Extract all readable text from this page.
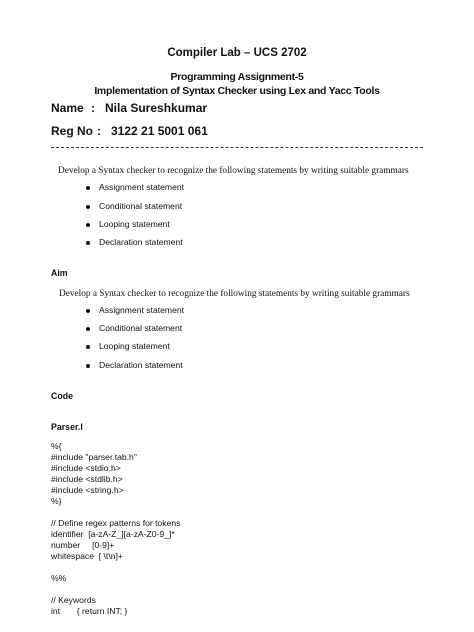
Compiler Lab – UCS 2702
Programming Assignment-5
Implementation of Syntax Checker using Lex and Yacc Tools
Name : Nila Sureshkumar
Reg No : 3122 21 5001 061
Develop a Syntax checker to recognize the following statements by writing suitable grammars
Assignment statement
Conditional statement
Looping statement
Declaration statement
Aim
Develop a Syntax checker to recognize the following statements by writing suitable grammars
Assignment statement
Conditional statement
Looping statement
Declaration statement
Code
Parser.l
%{
#include "parser.tab.h"
#include <stdio.h>
#include <stdlib.h>
#include <string.h>
%}
// Define regex patterns for tokens
identifier  [a-zA-Z_][a-zA-Z0-9_]*
number     [0-9]+
whitespace  [ \t\n]+
%%
// Keywords
int       { return INT; }
